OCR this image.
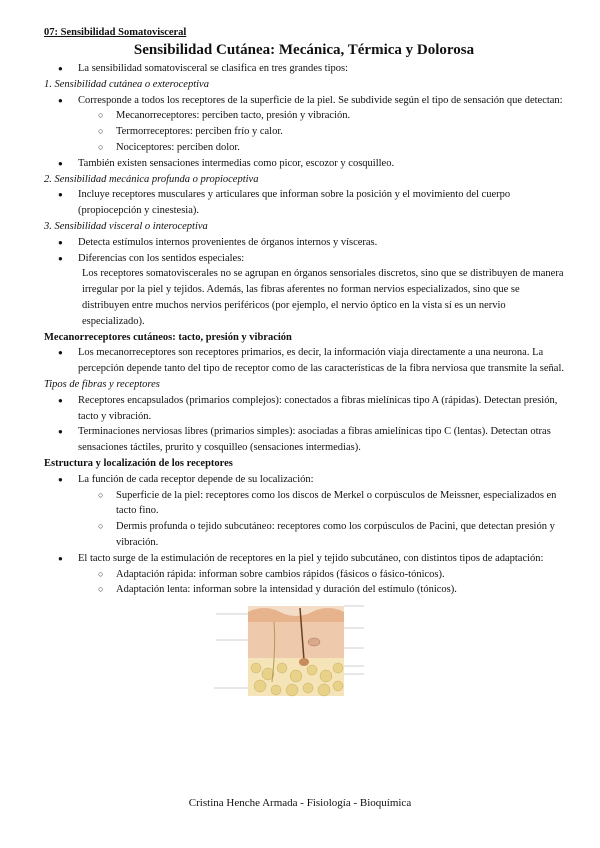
07: Sensibilidad Somatovisceral
Sensibilidad Cutánea: Mecánica, Térmica y Dolorosa
● La sensibilidad somatovisceral se clasifica en tres grandes tipos:
1. Sensibilidad cutánea o exteroceptiva
● Corresponde a todos los receptores de la superficie de la piel. Se subdivide según el tipo de sensación que detectan:
○ Mecanorreceptores: perciben tacto, presión y vibración.
○ Termorreceptores: perciben frío y calor.
○ Nociceptores: perciben dolor.
● También existen sensaciones intermedias como picor, escozor y cosquilleo.
2. Sensibilidad mecánica profunda o propioceptiva
● Incluye receptores musculares y articulares que informan sobre la posición y el movimiento del cuerpo (propiocepción y cinestesia).
3. Sensibilidad visceral o interoceptiva
● Detecta estímulos internos provenientes de órganos internos y vísceras.
● Diferencias con los sentidos especiales:
Los receptores somatoviscerales no se agrupan en órganos sensoriales discretos, sino que se distribuyen de manera irregular por la piel y tejidos. Además, las fibras aferentes no forman nervios especializados, sino que se distribuyen entre muchos nervios periféricos (por ejemplo, el nervio óptico en la vista sí es un nervio especializado).
Mecanorreceptores cutáneos: tacto, presión y vibración
● Los mecanorreceptores son receptores primarios, es decir, la información viaja directamente a una neurona. La percepción depende tanto del tipo de receptor como de las características de la fibra nerviosa que transmite la señal.
Tipos de fibras y receptores
● Receptores encapsulados (primarios complejos): conectados a fibras mielínicas tipo A (rápidas). Detectan presión, tacto y vibración.
● Terminaciones nerviosas libres (primarios simples): asociadas a fibras amielínicas tipo C (lentas). Detectan otras sensaciones táctiles, prurito y cosquilleo (sensaciones intermedias).
Estructura y localización de los receptores
● La función de cada receptor depende de su localización:
○ Superficie de la piel: receptores como los discos de Merkel o corpúsculos de Meissner, especializados en tacto fino.
○ Dermis profunda o tejido subcutáneo: receptores como los corpúsculos de Pacini, que detectan presión y vibración.
● El tacto surge de la estimulación de receptores en la piel y tejido subcutáneo, con distintos tipos de adaptación:
○ Adaptación rápida: informan sobre cambios rápidos (fásicos o fásico-tónicos).
○ Adaptación lenta: informan sobre la intensidad y duración del estímulo (tónicos).
Cristina Henche Armada - Fisiología - Bioquímica
